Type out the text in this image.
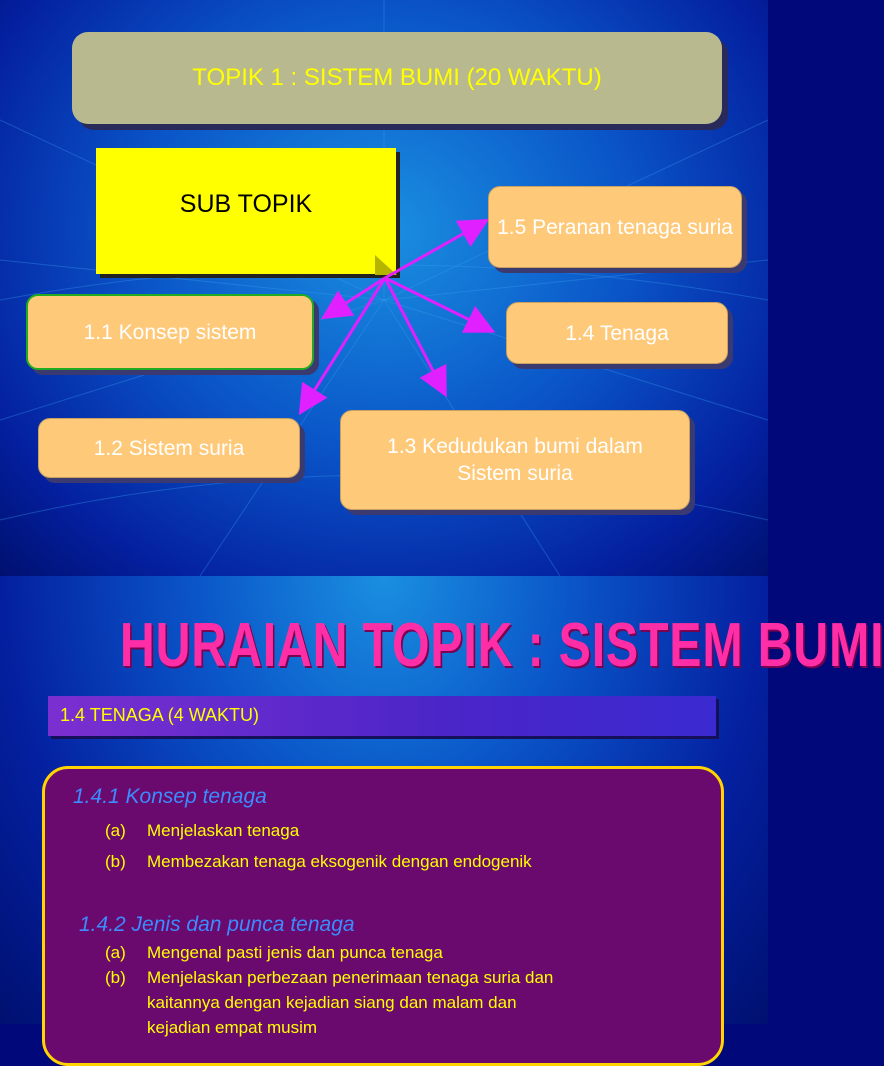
TOPIK 1 : SISTEM BUMI (20 WAKTU)
SUB TOPIK
1.5 Peranan tenaga suria
1.1 Konsep sistem	1.4 Tenaga
1.2 Sistem suria	1.3 Kedudukan bumi dalam Sistem suria
HURAIAN TOPIK : SISTEM BUMI
1.4 TENAGA (4 WAKTU)
1.4.1 Konsep tenaga
(a) Menjelaskan tenaga
(b) Membezakan tenaga eksogenik dengan endogenik
1.4.2 Jenis dan punca tenaga
(a) Mengenal pasti jenis dan punca tenaga
(b) Menjelaskan perbezaan penerimaan tenaga suria dan
kaitannya dengan kejadian siang dan malam dan
kejadian empat musim
